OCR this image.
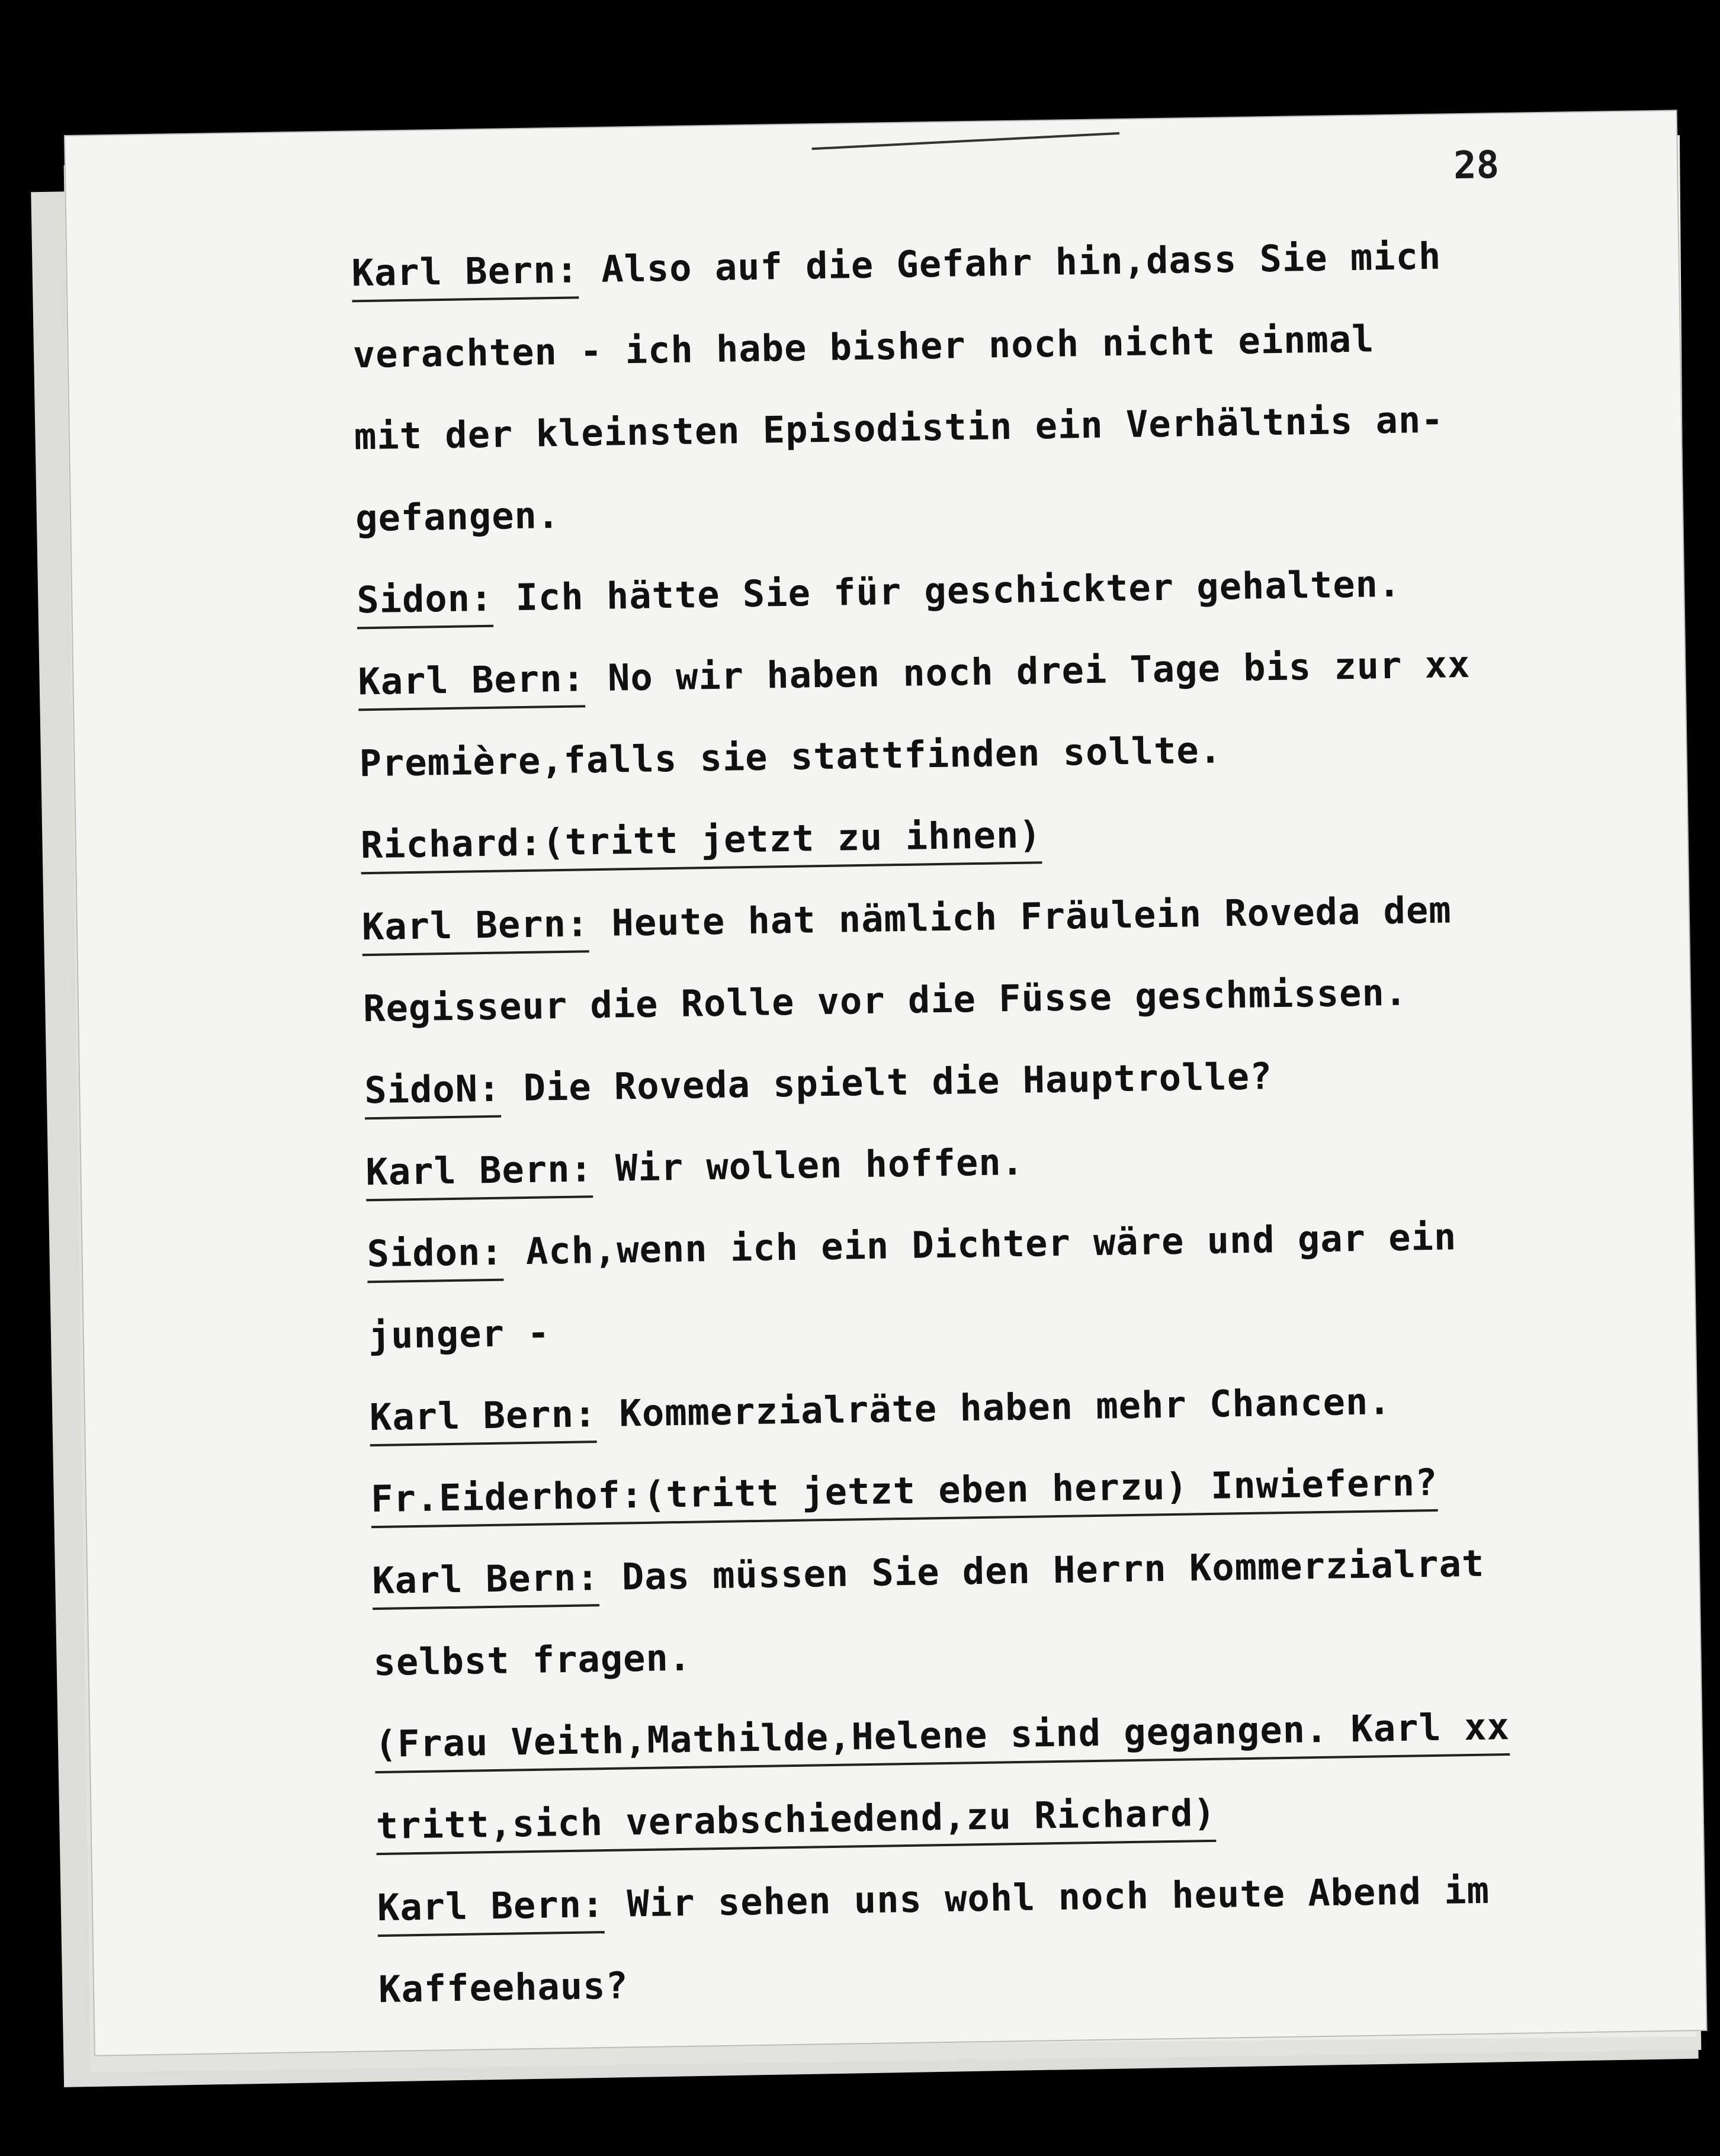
28
Karl Bern: Also auf die Gefahr hin,dass Sie mich
verachten - ich habe bisher noch nicht einmal
mit der kleinsten Episodistin ein Verhältnis an-
gefangen.
Sidon: Ich hätte Sie für geschickter gehalten.
Karl Bern: No wir haben noch drei Tage bis zur xx
Première,falls sie stattfinden sollte.
Richard:(tritt jetzt zu ihnen)
Karl Bern: Heute hat nämlich Fräulein Roveda dem
Regisseur die Rolle vor die Füsse geschmissen.
SidoN: Die Roveda spielt die Hauptrolle?
Karl Bern: Wir wollen hoffen.
Sidon: Ach,wenn ich ein Dichter wäre und gar ein
junger -
Karl Bern: Kommerzialräte haben mehr Chancen.
Fr.Eiderhof:(tritt jetzt eben herzu) Inwiefern?
Karl Bern: Das müssen Sie den Herrn Kommerzialrat
selbst fragen.
(Frau Veith,Mathilde,Helene sind gegangen. Karl xx
tritt,sich verabschiedend,zu Richard)
Karl Bern: Wir sehen uns wohl noch heute Abend im
Kaffeehaus?
